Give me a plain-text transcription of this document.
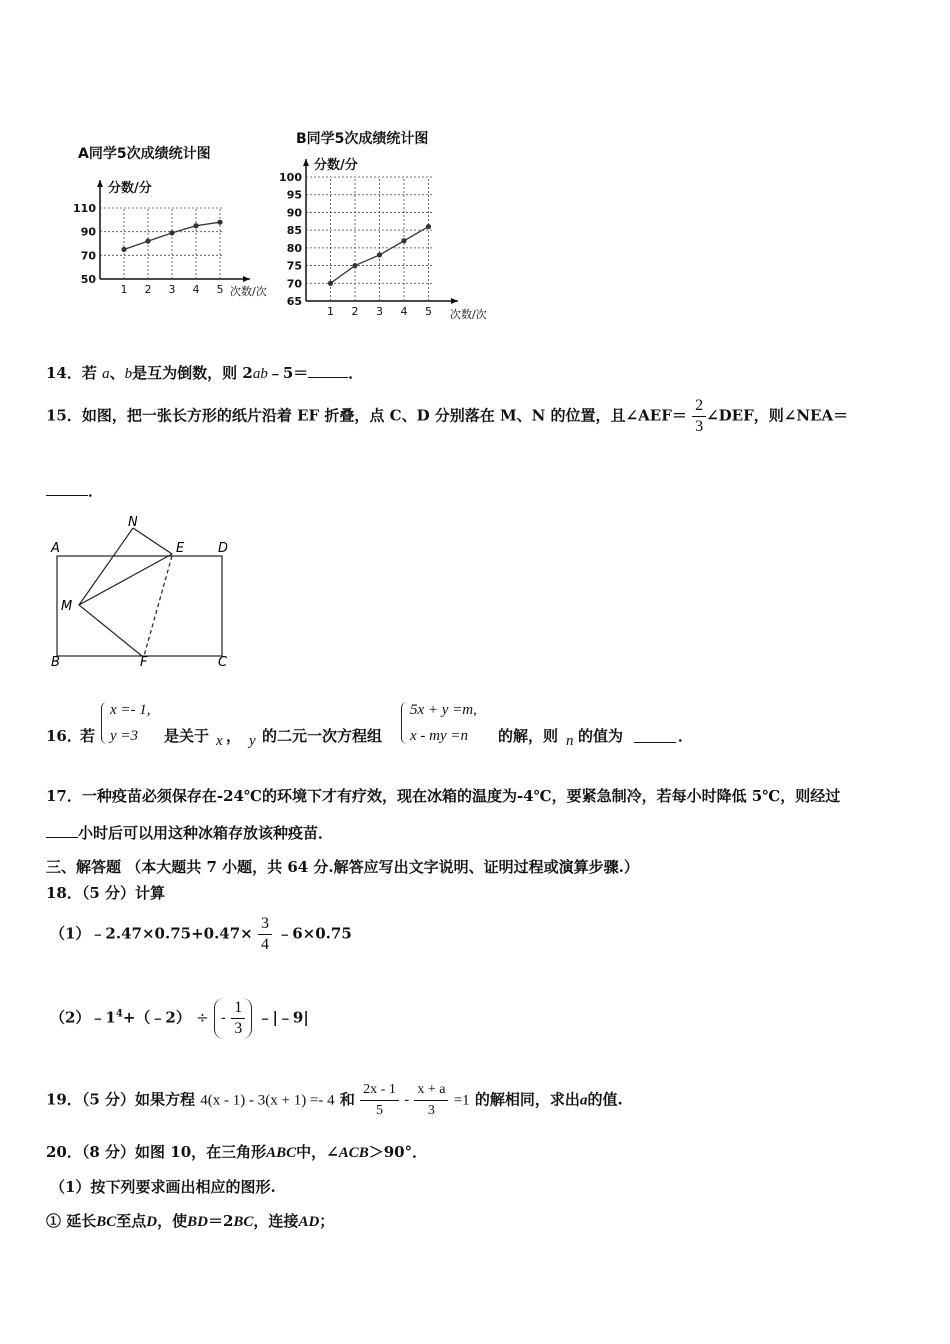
A同学5次成绩统计图
分数/分
次数/次
50
70
90
110
1 2 3 4 5
B同学5次成绩统计图
分数/分
次数/次
65
70
75
80
85
90
95
100
1 2 3 4 5
14．若 a、b是互为倒数，则 2ab﹣5＝	．
15．如图，把一张长方形的纸片沿着 EF 折叠，点 C、D 分别落在 M、N 的位置，且∠AEF＝ $\frac{2}{3}$ ∠DEF，则∠NEA＝
．
A	D
E
N
M
B	F	C
16．
若
x =- 1,
y =3 是关于 x ， y 的二元一次方程组
5x + y =m,
x - my =n 的解，则 n 的值为	．
17．一种疫苗必须保存在-24℃的环境下才有疗效，现在冰箱的温度为-4℃，要紧急制冷，若每小时降低 5℃，则经过
小时后可以用这种冰箱存放该种疫苗．
三、解答题 （本大题共 7 小题，共 64 分.解答应写出文字说明、证明过程或演算步骤.）
18．（5 分）计算
（1）﹣2.47×0.75+0.47× $\frac{3}{4}$ ﹣6×0.75
$(2)﹣1^4+(﹣2)$ ÷ - $\frac{1}{3}$ ﹣|﹣9|
19．（5 分）如果方程 4(x - 1) - 3(x + 1) =- 4 和 $\frac{2x - 1}{5} - \frac{x + a}{3} =1$ 的解相同，求出a的值.
20．（8 分）如图 10，在三角形ABC中，∠ACB＞90°．
（1）按下列要求画出相应的图形.
① 延长BC至点D，使BD＝2BC，连接AD；
